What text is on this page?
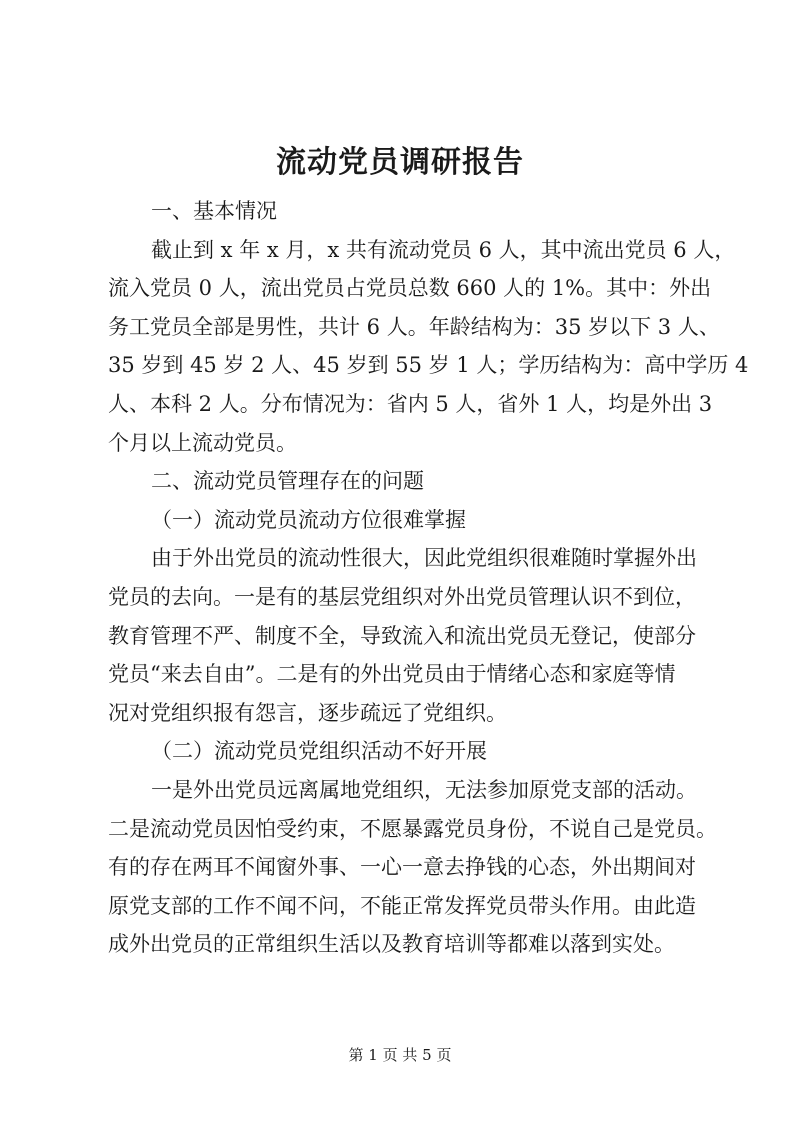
流动党员调研报告
一、基本情况
截止到 x 年 x 月，x 共有流动党员 6 人，其中流出党员 6 人，
流入党员 0 人，流出党员占党员总数 660 人的 1%。其中：外出
务工党员全部是男性，共计 6 人。年龄结构为：35 岁以下 3 人、
35 岁到 45 岁 2 人、45 岁到 55 岁 1 人；学历结构为：高中学历 4
人、本科 2 人。分布情况为：省内 5 人，省外 1 人，均是外出 3
个月以上流动党员。
二、流动党员管理存在的问题
（一）流动党员流动方位很难掌握
由于外出党员的流动性很大，因此党组织很难随时掌握外出
党员的去向。一是有的基层党组织对外出党员管理认识不到位，
教育管理不严、制度不全，导致流入和流出党员无登记，使部分
党员“来去自由”。二是有的外出党员由于情绪心态和家庭等情
况对党组织报有怨言，逐步疏远了党组织。
（二）流动党员党组织活动不好开展
一是外出党员远离属地党组织，无法参加原党支部的活动。
二是流动党员因怕受约束，不愿暴露党员身份，不说自己是党员。
有的存在两耳不闻窗外事、一心一意去挣钱的心态，外出期间对
原党支部的工作不闻不问，不能正常发挥党员带头作用。由此造
成外出党员的正常组织生活以及教育培训等都难以落到实处。
第 1 页 共 5 页
